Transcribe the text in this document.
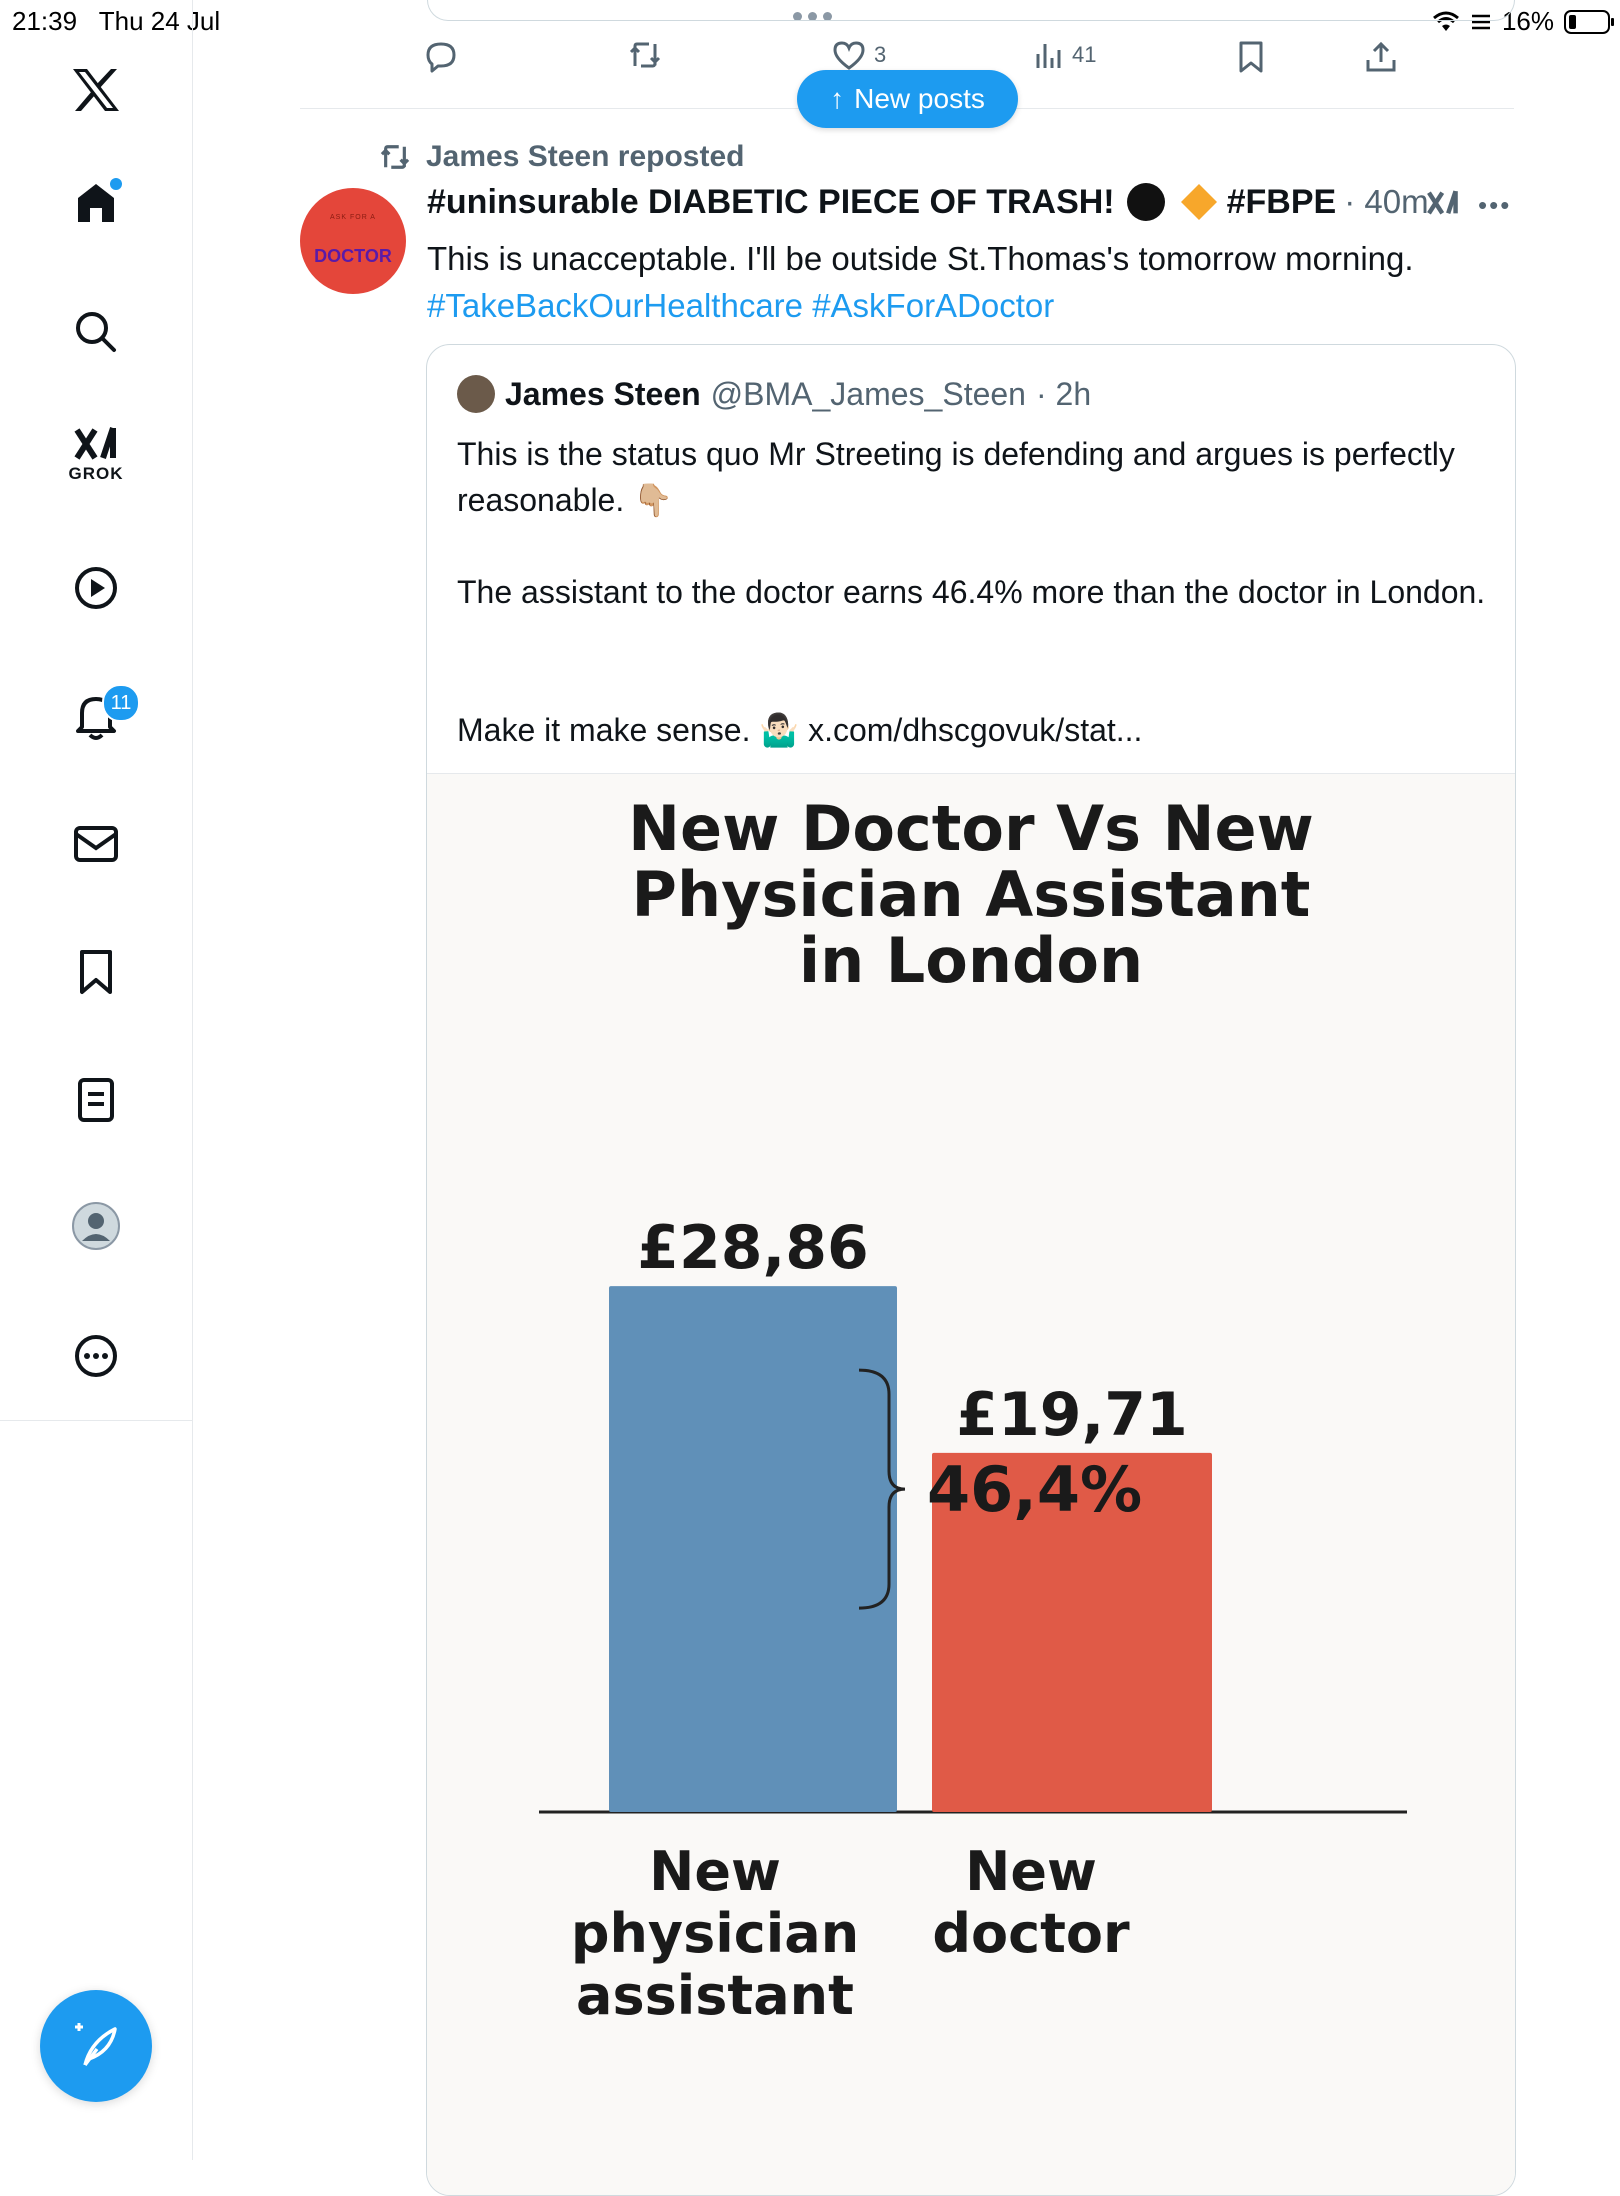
21:39 Thu 24 Jul	16%
GROK
11
3	41
↑ New posts
James Steen reposted
ASK FOR A
DOCTOR
#uninsurable DIABETIC PIECE OF TRASH!	#FBPE · 40m •••
This is unacceptable. I'll be outside St.Thomas's tomorrow morning.
#TakeBackOurHealthcare #AskForADoctor
James Steen @BMA_James_Steen · 2h
This is the status quo Mr Streeting is defending and argues is perfectly reasonable. 👇🏼
The assistant to the doctor earns 46.4% more than the doctor in London.
Make it make sense. 🤷🏻‍♂️ x.com/dhscgovuk/stat...
New Doctor Vs New
Physician Assistant
in London
£28,86
New
physician
assistant
£19,71
New
doctor
46,4%
